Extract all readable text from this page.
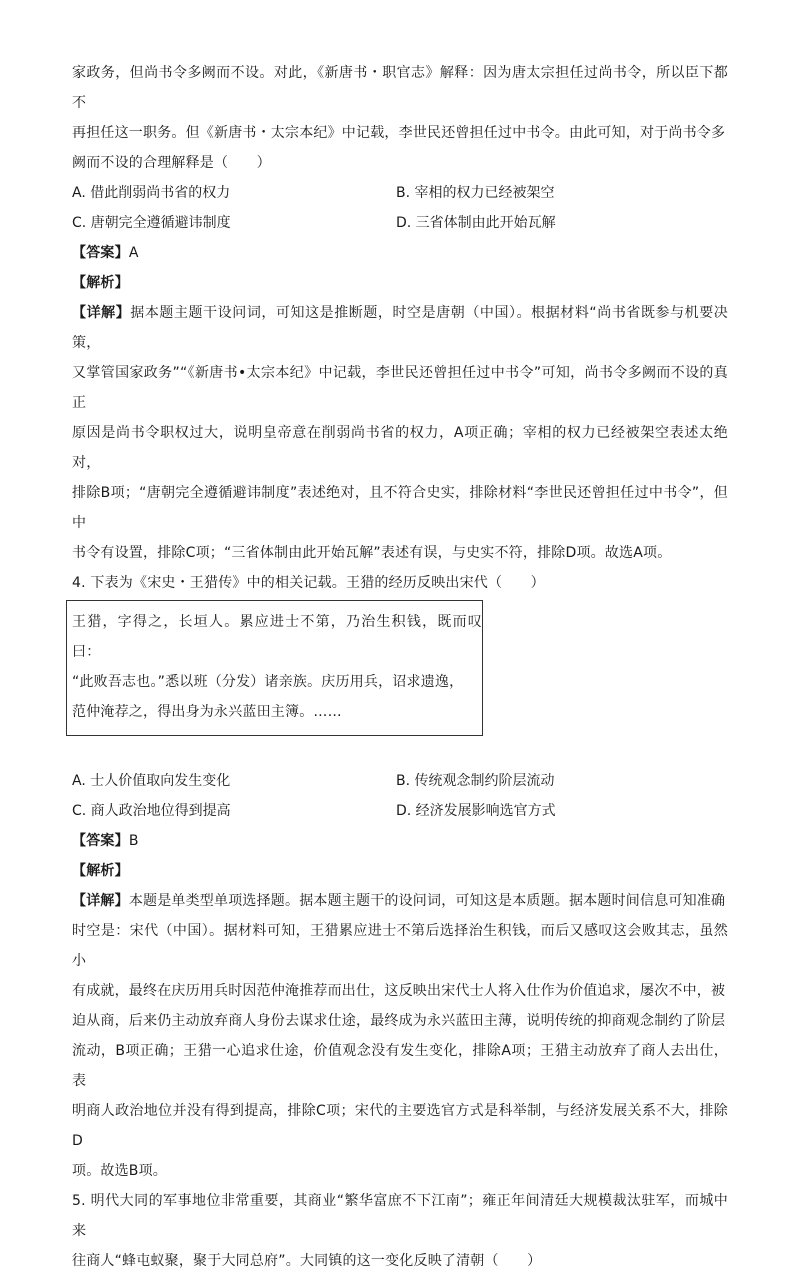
家政务，但尚书令多阙而不设。对此，《新唐书・职官志》解释：因为唐太宗担任过尚书令，所以臣下都不

再担任这一职务。但《新唐书・太宗本纪》中记载，李世民还曾担任过中书令。由此可知，对于尚书令多

阙而不设的合理解释是（　　）

A. 借此削弱尚书省的权力	B. 宰相的权力已经被架空
C. 唐朝完全遵循避讳制度	D. 三省体制由此开始瓦解

【答案】A

【解析】

【详解】据本题主题干设问词，可知这是推断题，时空是唐朝（中国）。根据材料“尚书省既参与机要决策，

又掌管国家政务”“《新唐书•太宗本纪》中记载，李世民还曾担任过中书令”可知，尚书令多阙而不设的真正

原因是尚书令职权过大，说明皇帝意在削弱尚书省的权力，A项正确；宰相的权力已经被架空表述太绝对，

排除B项；“唐朝完全遵循避讳制度”表述绝对，且不符合史实，排除材料“李世民还曾担任过中书令”，但中

书令有设置，排除C项；“三省体制由此开始瓦解”表述有误，与史实不符，排除D项。故选A项。

4. 下表为《宋史・王猎传》中的相关记载。王猎的经历反映出宋代（　　）

王猎，字得之，长垣人。累应进士不第，乃治生积钱，既而叹曰：

“此败吾志也。”悉以班（分发）诸亲族。庆历用兵，诏求遗逸，

范仲淹荐之，得出身为永兴蓝田主簿。……

A. 士人价值取向发生变化	B. 传统观念制约阶层流动
C. 商人政治地位得到提高	D. 经济发展影响选官方式

【答案】B

【解析】

【详解】本题是单类型单项选择题。据本题主题干的设问词，可知这是本质题。据本题时间信息可知准确

时空是：宋代（中国）。据材料可知，王猎累应进士不第后选择治生积钱，而后又感叹这会败其志，虽然小

有成就，最终在庆历用兵时因范仲淹推荐而出仕，这反映出宋代士人将入仕作为价值追求，屡次不中，被

迫从商，后来仍主动放弃商人身份去谋求仕途，最终成为永兴蓝田主薄，说明传统的抑商观念制约了阶层

流动，B项正确；王猎一心追求仕途，价值观念没有发生变化，排除A项；王猎主动放弃了商人去出仕，表

明商人政治地位并没有得到提高，排除C项；宋代的主要选官方式是科举制，与经济发展关系不大，排除D

项。故选B项。

5. 明代大同的军事地位非常重要，其商业“繁华富庶不下江南”；雍正年间清廷大规模裁汰驻军，而城中来

往商人“蜂屯蚁聚，聚于大同总府”。大同镇的这一变化反映了清朝（　　）
